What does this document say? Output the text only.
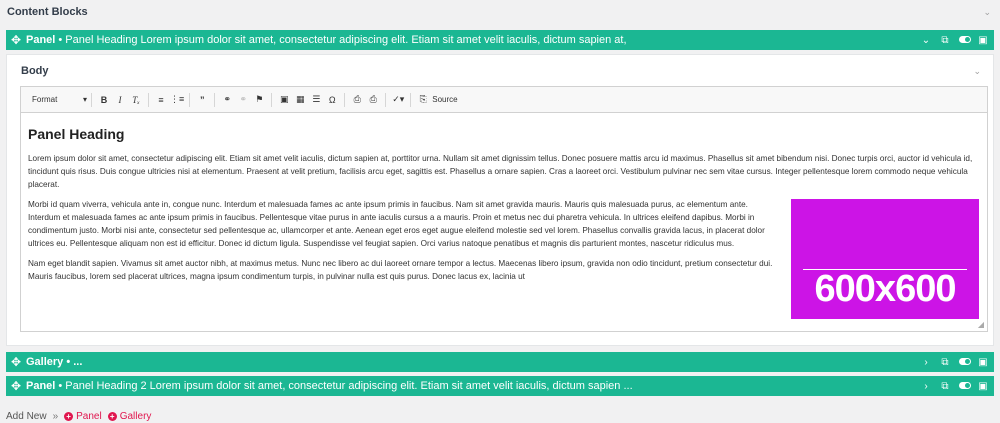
Content Blocks	⌄
✥ Panel • Panel Heading Lorem ipsum dolor sit amet, consectetur adipiscing elit. Etiam sit amet velit iaculis, dictum sapien at,	⌄ ⧉	▣
Body	⌄
Format ▾	B	I	Tₓ	≡ ⋮≡	”	⚭ ⚭ ⚑	▣ ▦ ☰ Ω	⎙ ⎙	✓▾	⎘ Source
Panel Heading

Lorem ipsum dolor sit amet, consectetur adipiscing elit. Etiam sit amet velit iaculis, dictum sapien at, porttitor urna. Nullam sit amet dignissim tellus. Donec posuere mattis arcu id maximus. Phasellus sit amet bibendum nisi. Donec turpis orci, auctor id vehicula id, tincidunt quis risus. Duis congue ultricies nisi at elementum. Praesent at velit pretium, facilisis arcu eget, sagittis est. Phasellus a ornare sapien. Cras a laoreet orci. Vestibulum pulvinar nec sem vitae cursus. Integer pellentesque lorem commodo neque vehicula placerat.

600x600

Morbi id quam viverra, vehicula ante in, congue nunc. Interdum et malesuada fames ac ante ipsum primis in faucibus. Nam sit amet gravida mauris. Mauris quis malesuada purus, ac elementum ante. Interdum et malesuada fames ac ante ipsum primis in faucibus. Pellentesque vitae purus in ante iaculis cursus a a mauris. Proin et metus nec dui pharetra vehicula. In ultrices eleifend dapibus. Morbi in condimentum justo. Morbi nisi ante, consectetur sed pellentesque ac, ullamcorper et ante. Aenean eget eros eget augue eleifend molestie sed vel lorem. Phasellus convallis gravida lacus, in placerat dolor ultrices eu. Pellentesque aliquam non est id efficitur. Donec id dictum ligula. Suspendisse vel feugiat sapien. Orci varius natoque penatibus et magnis dis parturient montes, nascetur ridiculus mus.

Nam eget blandit sapien. Vivamus sit amet auctor nibh, at maximus metus. Nunc nec libero ac dui laoreet ornare tempor a lectus. Maecenas libero ipsum, gravida non odio tincidunt, pretium consectetur dui. Mauris faucibus, lorem sed placerat ultrices, magna ipsum condimentum turpis, in pulvinar nulla est quis purus. Donec lacus ex, lacinia ut

◢
✥ Gallery • ...	›	⧉	▣
✥ Panel • Panel Heading 2 Lorem ipsum dolor sit amet, consectetur adipiscing elit. Etiam sit amet velit iaculis, dictum sapien ...	›	⧉	▣
Add New » + Panel + Gallery
